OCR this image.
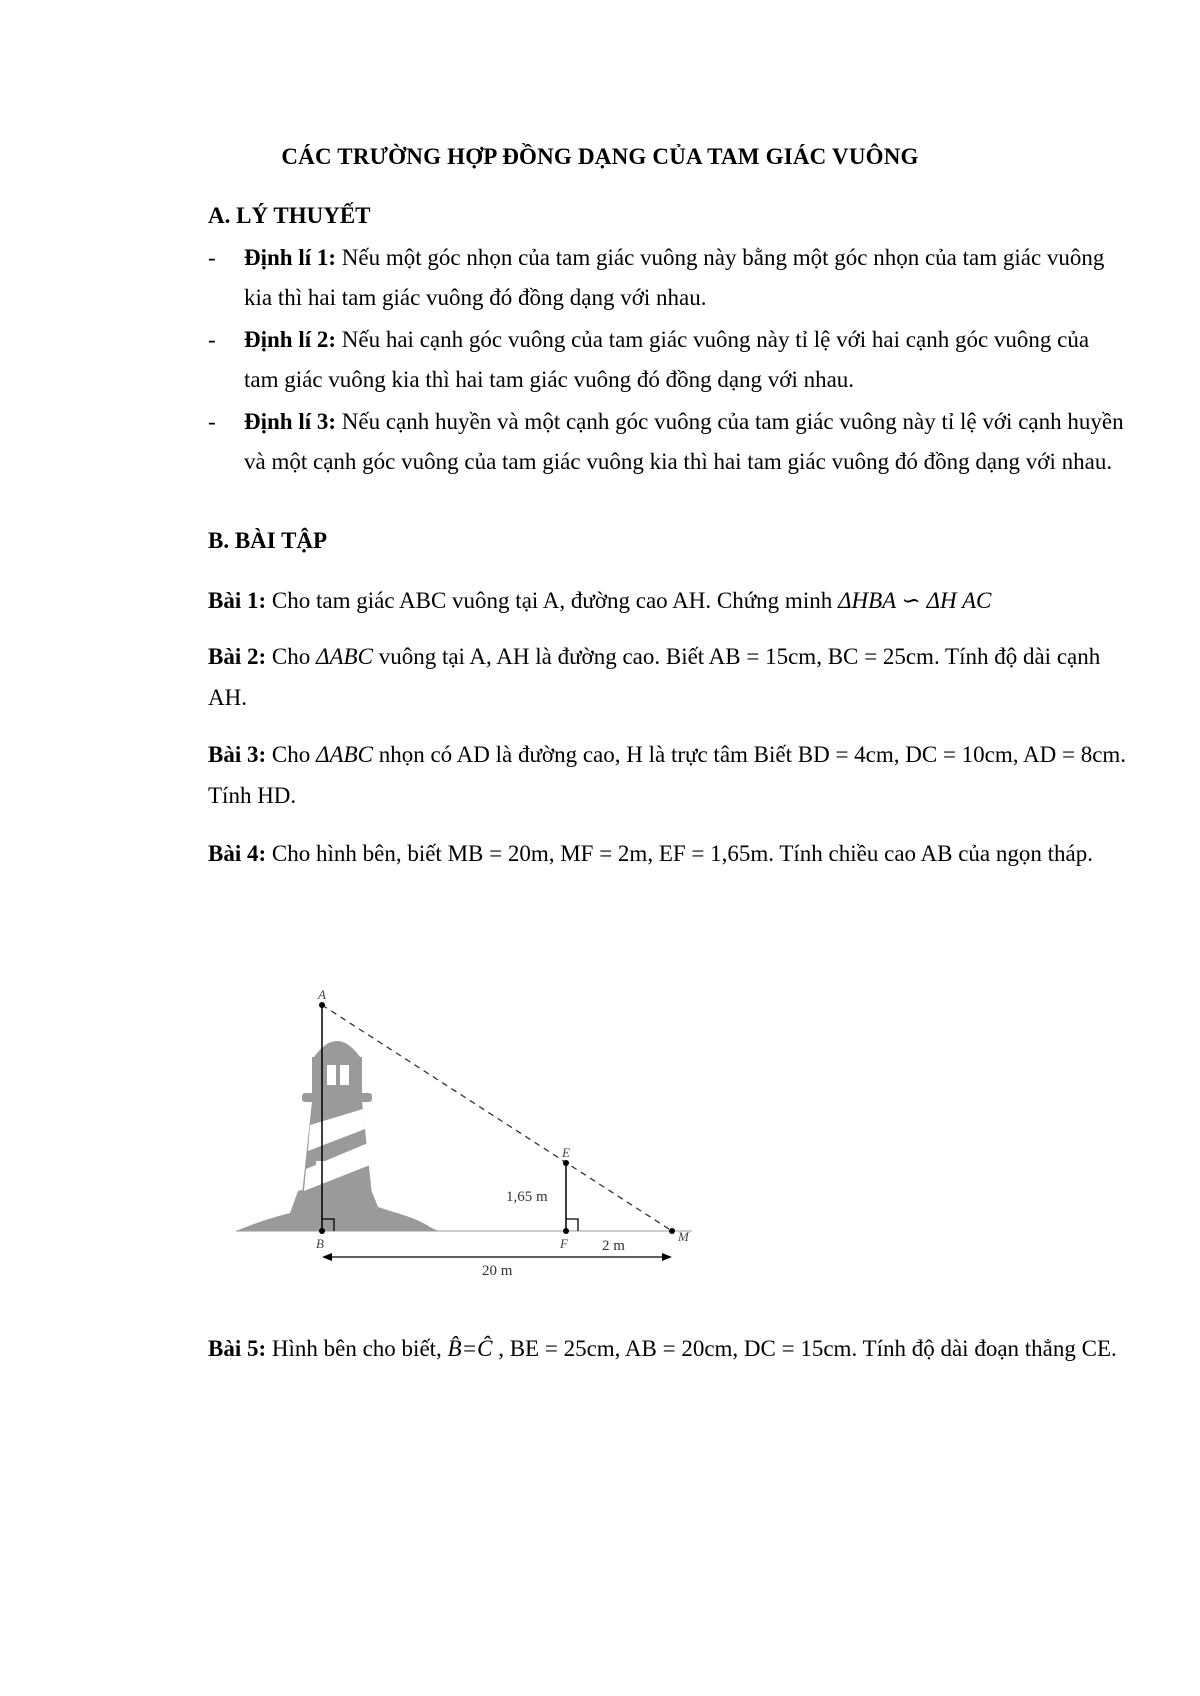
CÁC TRƯỜNG HỢP ĐỒNG DẠNG CỦA TAM GIÁC VUÔNG
A. LÝ THUYẾT
- Định lí 1: Nếu một góc nhọn của tam giác vuông này bằng một góc nhọn của tam giác vuông kia thì hai tam giác vuông đó đồng dạng với nhau.
- Định lí 2: Nếu hai cạnh góc vuông của tam giác vuông này tỉ lệ với hai cạnh góc vuông của tam giác vuông kia thì hai tam giác vuông đó đồng dạng với nhau.
- Định lí 3: Nếu cạnh huyền và một cạnh góc vuông của tam giác vuông này tỉ lệ với cạnh huyền và một cạnh góc vuông của tam giác vuông kia thì hai tam giác vuông đó đồng dạng với nhau.
B. BÀI TẬP
Bài 1: Cho tam giác ABC vuông tại A, đường cao AH. Chứng minh ΔHBA ∽ ΔH AC
Bài 2: Cho ΔABC vuông tại A, AH là đường cao. Biết AB = 15cm, BC = 25cm. Tính độ dài cạnh AH.
Bài 3: Cho ΔABC nhọn có AD là đường cao, H là trực tâm Biết BD = 4cm, DC = 10cm, AD = 8cm. Tính HD.
Bài 4: Cho hình bên, biết MB = 20m, MF = 2m, EF = 1,65m. Tính chiều cao AB của ngọn tháp.
A
B
E
F	M
1,65 m
2 m
20 m
Bài 5: Hình bên cho biết, B̂=Ĉ , BE = 25cm, AB = 20cm, DC = 15cm. Tính độ dài đoạn thẳng CE.
